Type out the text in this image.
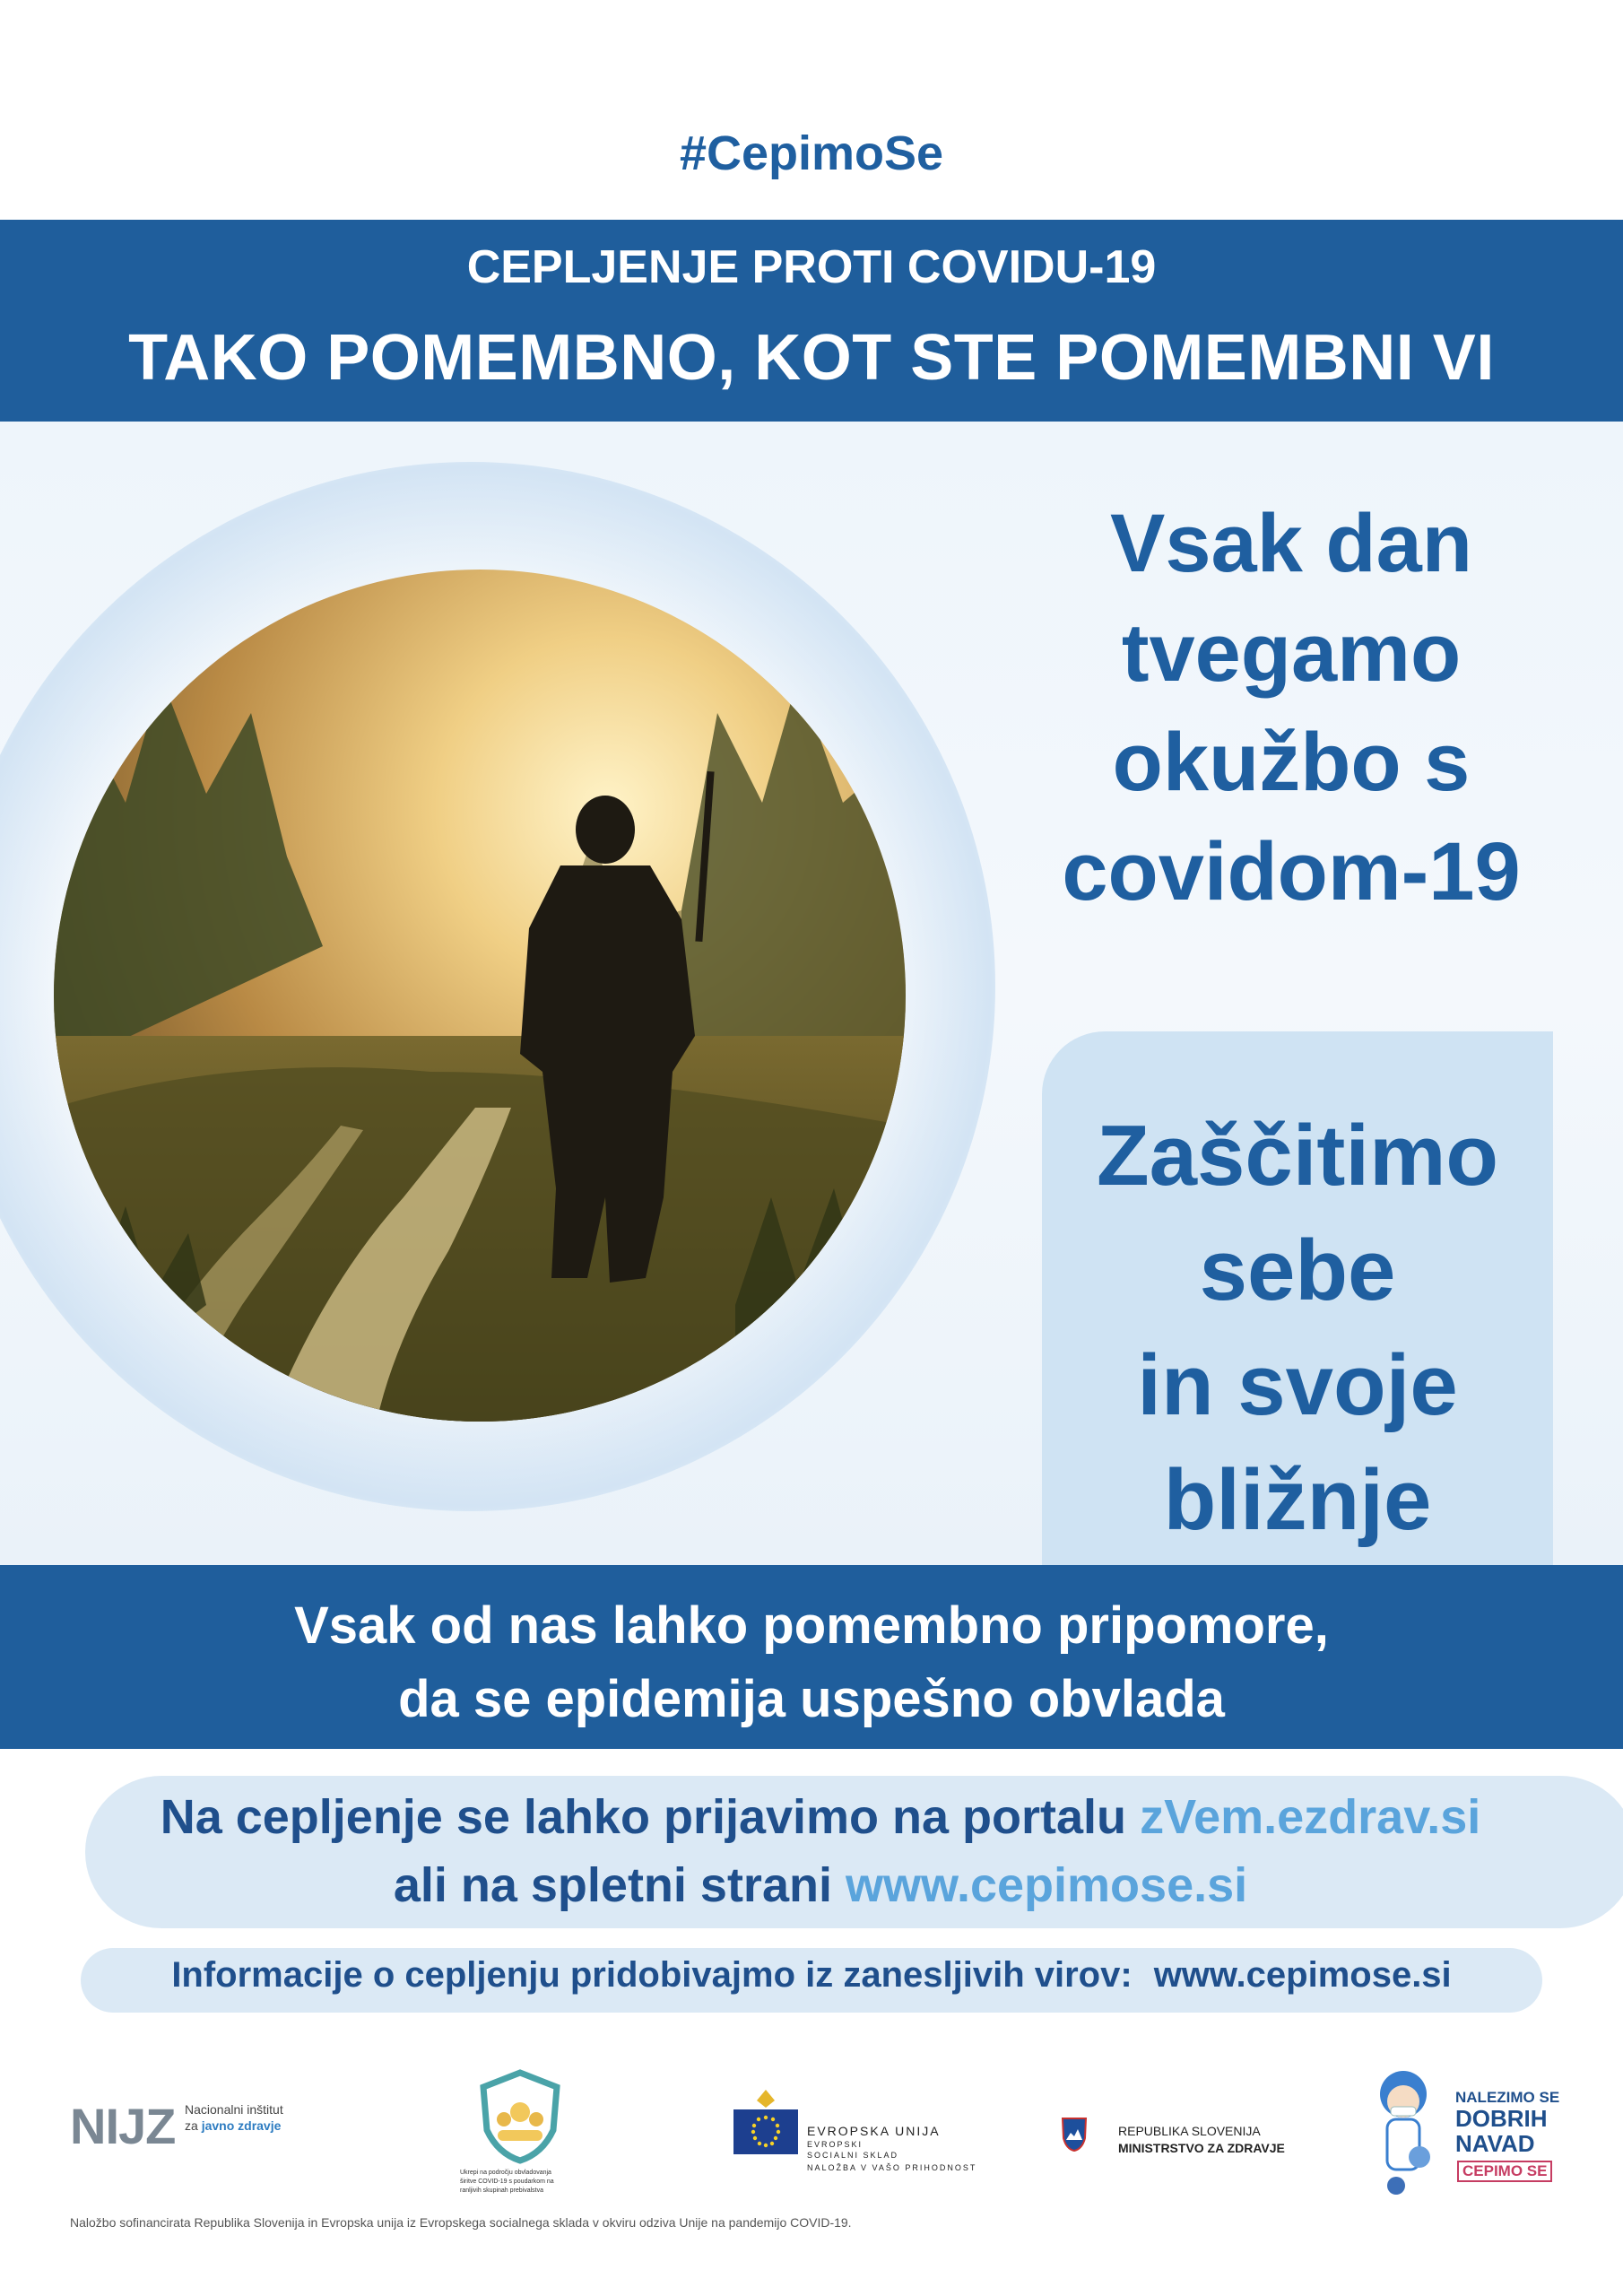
#CepimoSe
CEPLJENJE PROTI COVIDU-19
TAKO POMEMBNO, KOT STE POMEMBNI VI
Vsak dan
tvegamo
okužbo s
covidom-19
Zaščitimo
sebe
in svoje
bližnje
Vsak od nas lahko pomembno pripomore,
da se epidemija uspešno obvlada
Na cepljenje se lahko prijavimo na portalu zVem.ezdrav.si
ali na spletni strani www.cepimose.si
Informacije o cepljenju pridobivajmo iz zanesljivih virov: www.cepimose.si
NIJZ Nacionalni inštitut
za javno zdravje
Ukrepi na področju obvladovanja
širitve COVID-19 s poudarkom na
ranljivih skupinah prebivalstva
EVROPSKA UNIJA
EVROPSKI
SOCIALNI SKLAD
NALOŽBA V VAŠO PRIHODNOST
REPUBLIKA SLOVENIJA
MINISTRSTVO ZA ZDRAVJE
NALEZIMO SE
DOBRIH
NAVAD
CEPIMO SE
Naložbo sofinancirata Republika Slovenija in Evropska unija iz Evropskega socialnega sklada v okviru odziva Unije na pandemijo COVID-19.
